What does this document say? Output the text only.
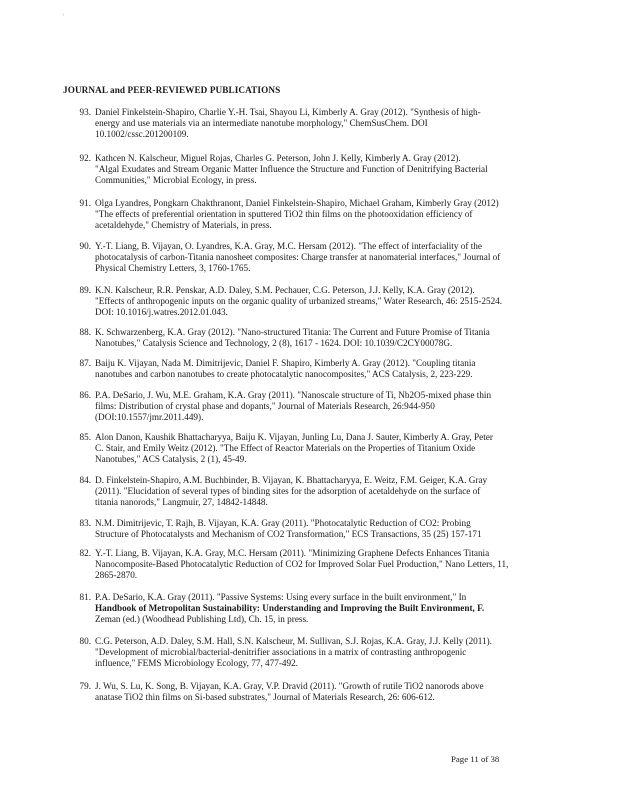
'
JOURNAL and PEER-REVIEWED PUBLICATIONS
93. Daniel Finkelstein-Shapiro, Charlie Y.-H. Tsai, Shayou Li, Kimberly A. Gray (2012). "Synthesis of high-
energy and use materials via an intermediate nanotube morphology," ChemSusChem. DOI
10.1002/cssc.201200109.
92. Kathcen N. Kalscheur, Miguel Rojas, Charles G. Peterson, John J. Kelly, Kimberly A. Gray (2012).
"Algal Exudates and Stream Organic Matter Influence the Structure and Function of Denitrifying Bacterial
Communities," Microbial Ecology, in press.
91. Olga Lyandres, Pongkarn Chakthranont, Daniel Finkelstein-Shapiro, Michael Graham, Kimberly Gray (2012)
"The effects of preferential orientation in sputtered TiO2 thin films on the photooxidation efficiency of
acetaldehyde," Chemistry of Materials, in press.
90. Y.-T. Liang, B. Vijayan, O. Lyandres, K.A. Gray, M.C. Hersam (2012). "The effect of interfaciality of the
photocatalysis of carbon-Titania nanosheet composites: Charge transfer at nanomaterial interfaces," Journal of
Physical Chemistry Letters, 3, 1760-1765.
89. K.N. Kalscheur, R.R. Penskar, A.D. Daley, S.M. Pechauer, C.G. Peterson, J.J. Kelly, K.A. Gray (2012).
"Effects of anthropogenic inputs on the organic quality of urbanized streams," Water Research, 46: 2515-2524.
DOI: 10.1016/j.watres.2012.01.043.
88. K. Schwarzenberg, K.A. Gray (2012). "Nano-structured Titania: The Current and Future Promise of Titania
Nanotubes," Catalysis Science and Technology, 2 (8), 1617 - 1624. DOI: 10.1039/C2CY00078G.
87. Baiju K. Vijayan, Nada M. Dimitrijevic, Daniel F. Shapiro, Kimberly A. Gray (2012). "Coupling titania
nanotubes and carbon nanotubes to create photocatalytic nanocomposites," ACS Catalysis, 2, 223-229.
86. P.A. DeSario, J. Wu, M.E. Graham, K.A. Gray (2011). "Nanoscale structure of Ti, Nb2O5-mixed phase thin
films: Distribution of crystal phase and dopants," Journal of Materials Research, 26:944-950
(DOI:10.1557/jmr.2011.449).
85. Alon Danon, Kaushik Bhattacharyya, Baiju K. Vijayan, Junling Lu, Dana J. Sauter, Kimberly A. Gray, Peter
C. Stair, and Emily Weitz (2012). "The Effect of Reactor Materials on the Properties of Titanium Oxide
Nanotubes," ACS Catalysis, 2 (1), 45-49.
84. D. Finkelstein-Shapiro, A.M. Buchbinder, B. Vijayan, K. Bhattacharyya, E. Weitz, F.M. Geiger, K.A. Gray
(2011). "Elucidation of several types of binding sites for the adsorption of acetaldehyde on the surface of
titania nanorods," Langmuir, 27, 14842-14848.
83. N.M. Dimitrijevic, T. Rajh, B. Vijayan, K.A. Gray (2011). "Photocatalytic Reduction of CO2: Probing
Structure of Photocatalysts and Mechanism of CO2 Transformation," ECS Transactions, 35 (25) 157-171
82. Y.-T. Liang, B. Vijayan, K.A. Gray, M.C. Hersam (2011). "Minimizing Graphene Defects Enhances Titania
Nanocomposite-Based Photocatalytic Reduction of CO2 for Improved Solar Fuel Production," Nano Letters, 11,
2865-2870.
81. P.A. DeSario, K.A. Gray (2011). "Passive Systems: Using every surface in the built environment," In
Handbook of Metropolitan Sustainability: Understanding and Improving the Built Environment, F.
Zeman (ed.) (Woodhead Publishing Ltd), Ch. 15, in press.
80. C.G. Peterson, A.D. Daley, S.M. Hall, S.N. Kalscheur, M. Sullivan, S.J. Rojas, K.A. Gray, J.J. Kelly (2011).
"Development of microbial/bacterial-denitrifier associations in a matrix of contrasting anthropogenic
influence," FEMS Microbiology Ecology, 77, 477-492.
79. J. Wu, S. Lu, K. Song, B. Vijayan, K.A. Gray, V.P. Dravid (2011). "Growth of rutile TiO2 nanorods above
anatase TiO2 thin films on Si-based substrates," Journal of Materials Research, 26: 606-612.
Page 11 of 38
